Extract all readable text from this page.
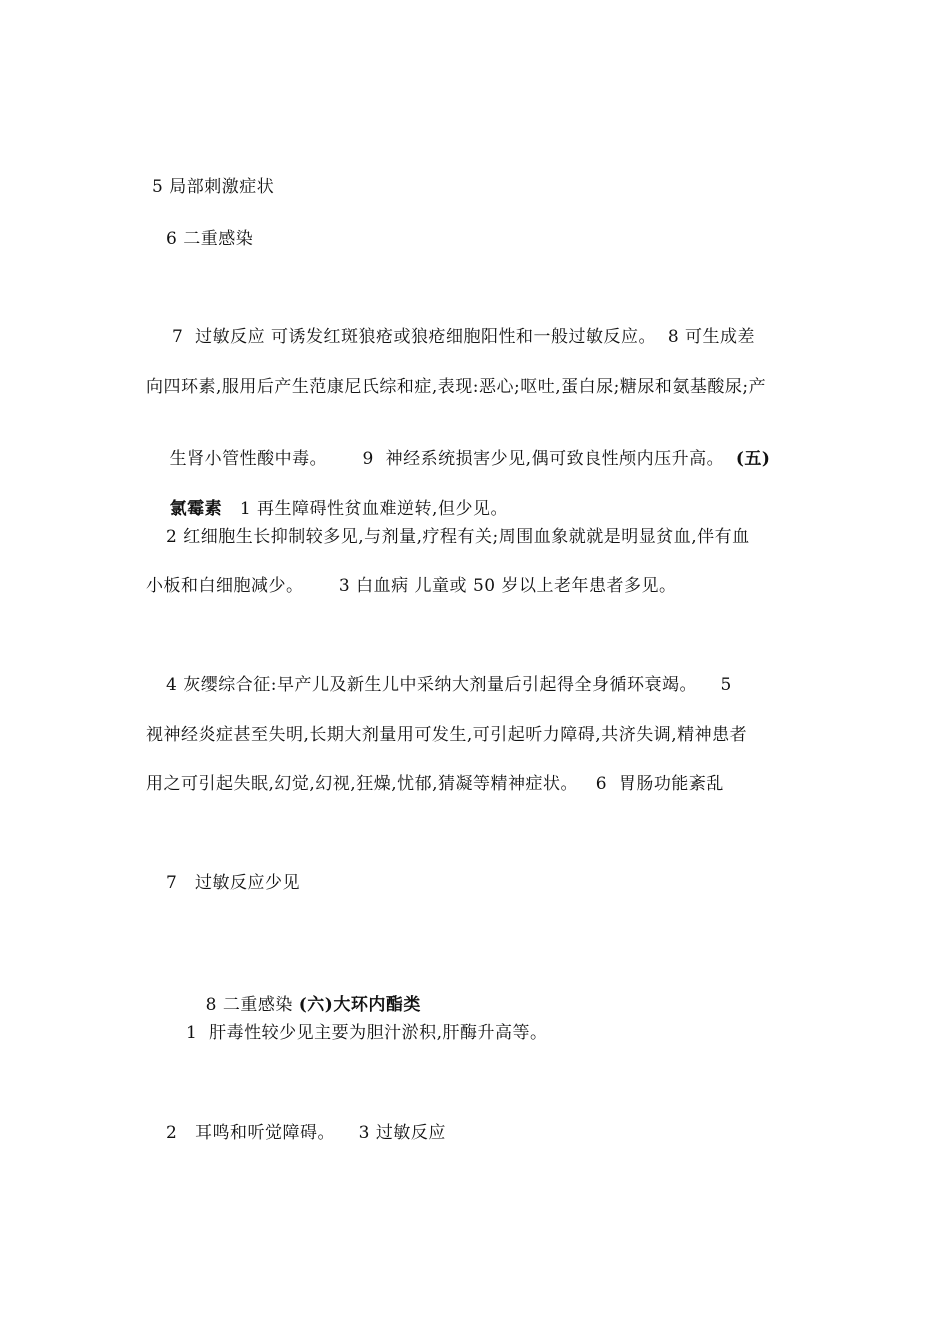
5 局部刺激症状
6 二重感染
7  过敏反应 可诱发红斑狼疮或狼疮细胞阳性和一般过敏反应。  8 可生成差
向四环素,服用后产生范康尼氏综和症,表现:恶心;呕吐,蛋白尿;糖尿和氨基酸尿;产

生肾小管性酸中毒。      9  神经系统损害少见,偶可致良性颅内压升高。  (五)

氯霉素   1 再生障碍性贫血难逆转,但少见。

2 红细胞生长抑制较多见,与剂量,疗程有关;周围血象就就是明显贫血,伴有血
小板和白细胞减少。      3 白血病 儿童或 50 岁以上老年患者多见。
4 灰缨综合征:早产儿及新生儿中采纳大剂量后引起得全身循环衰竭。    5
视神经炎症甚至失明,长期大剂量用可发生,可引起听力障碍,共济失调,精神患者
用之可引起失眠,幻觉,幻视,狂燥,忧郁,猜凝等精神症状。   6  胃肠功能紊乱
7   过敏反应少见

8 二重感染 (六)大环内酯类

1  肝毒性较少见主要为胆汁淤积,肝酶升高等。
2   耳鸣和听觉障碍。    3 过敏反应
